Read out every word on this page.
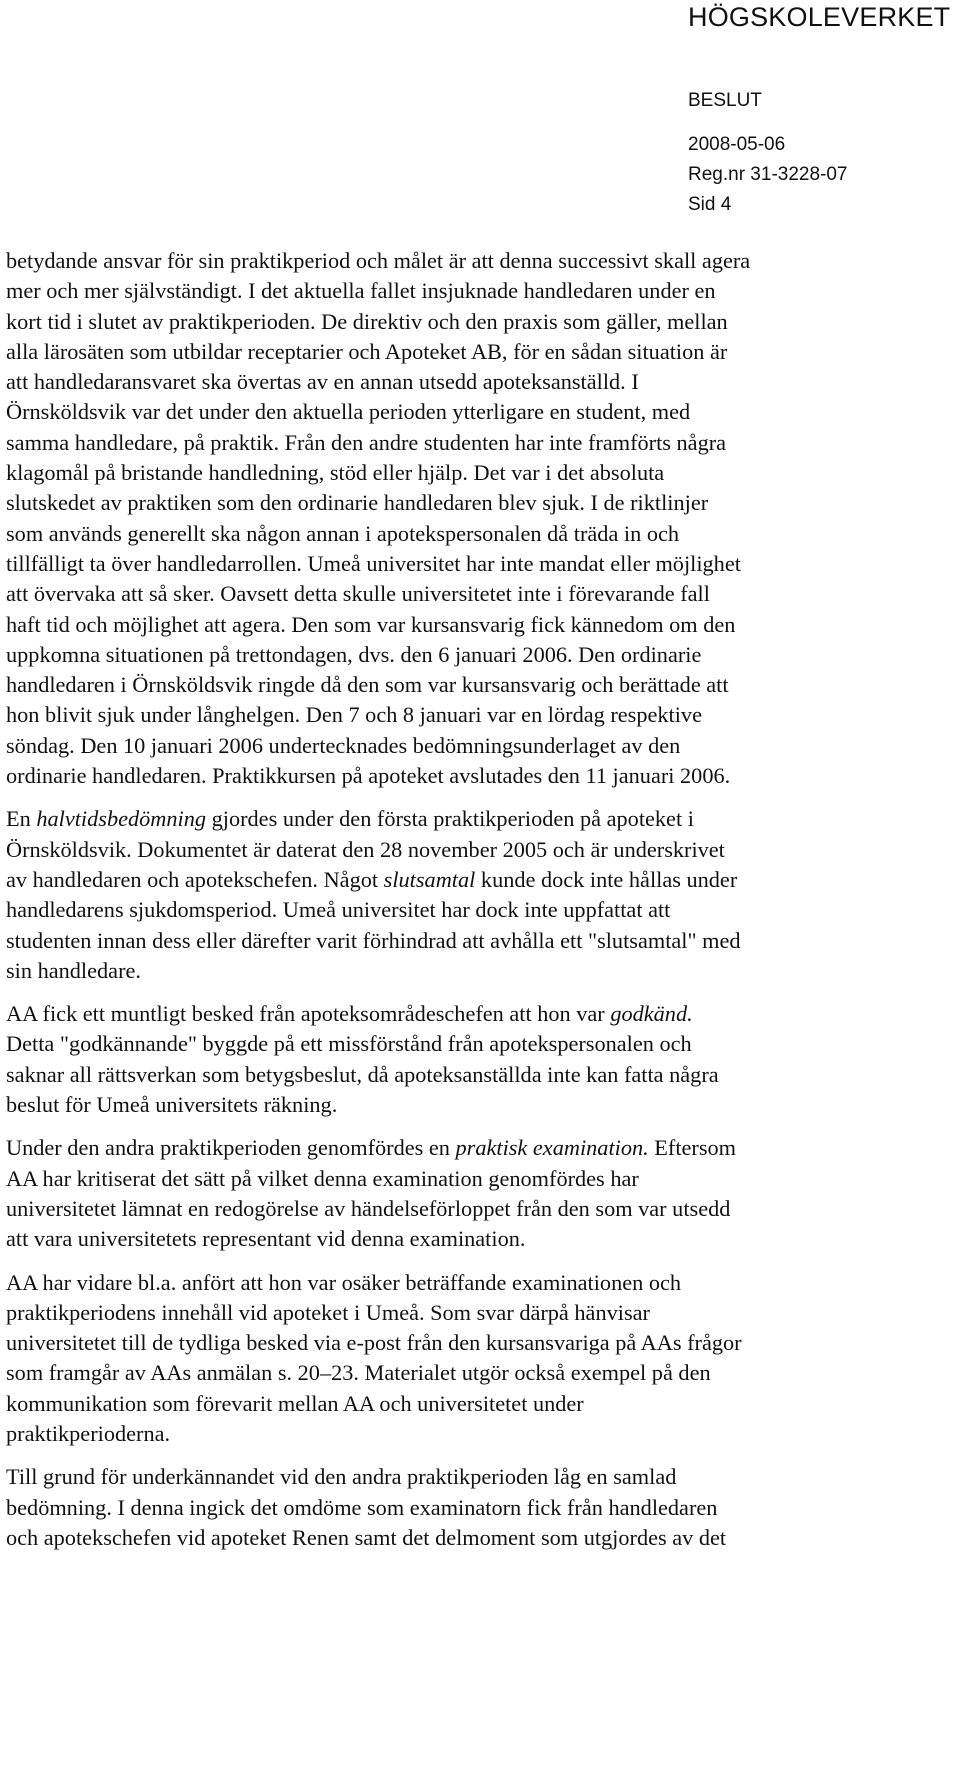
HÖGSKOLEVERKET
BESLUT
2008-05-06
Reg.nr 31-3228-07
Sid 4

betydande ansvar för sin praktikperiod och målet är att denna successivt skall agera
mer och mer självständigt. I det aktuella fallet insjuknade handledaren under en
kort tid i slutet av praktikperioden. De direktiv och den praxis som gäller, mellan
alla lärosäten som utbildar receptarier och Apoteket AB, för en sådan situation är
att handledaransvaret ska övertas av en annan utsedd apoteksanställd. I
Örnsköldsvik var det under den aktuella perioden ytterligare en student, med
samma handledare, på praktik. Från den andre studenten har inte framförts några
klagomål på bristande handledning, stöd eller hjälp. Det var i det absoluta
slutskedet av praktiken som den ordinarie handledaren blev sjuk. I de riktlinjer
som används generellt ska någon annan i apotekspersonalen då träda in och
tillfälligt ta över handledarrollen. Umeå universitet har inte mandat eller möjlighet
att övervaka att så sker. Oavsett detta skulle universitetet inte i förevarande fall
haft tid och möjlighet att agera. Den som var kursansvarig fick kännedom om den
uppkomna situationen på trettondagen, dvs. den 6 januari 2006. Den ordinarie
handledaren i Örnsköldsvik ringde då den som var kursansvarig och berättade att
hon blivit sjuk under långhelgen. Den 7 och 8 januari var en lördag respektive
söndag. Den 10 januari 2006 undertecknades bedömningsunderlaget av den
ordinarie handledaren. Praktikkursen på apoteket avslutades den 11 januari 2006.

En halvtidsbedömning gjordes under den första praktikperioden på apoteket i
Örnsköldsvik. Dokumentet är daterat den 28 november 2005 och är underskrivet
av handledaren och apotekschefen. Något slutsamtal kunde dock inte hållas under
handledarens sjukdomsperiod. Umeå universitet har dock inte uppfattat att
studenten innan dess eller därefter varit förhindrad att avhålla ett "slutsamtal" med
sin handledare.

AA fick ett muntligt besked från apoteksområdeschefen att hon var godkänd.
Detta "godkännande" byggde på ett missförstånd från apotekspersonalen och
saknar all rättsverkan som betygsbeslut, då apoteksanställda inte kan fatta några
beslut för Umeå universitets räkning.

Under den andra praktikperioden genomfördes en praktisk examination. Eftersom
AA har kritiserat det sätt på vilket denna examination genomfördes har
universitetet lämnat en redogörelse av händelseförloppet från den som var utsedd
att vara universitetets representant vid denna examination.

AA har vidare bl.a. anfört att hon var osäker beträffande examinationen och
praktikperiodens innehåll vid apoteket i Umeå. Som svar därpå hänvisar
universitetet till de tydliga besked via e-post från den kursansvariga på AAs frågor
som framgår av AAs anmälan s. 20–23. Materialet utgör också exempel på den
kommunikation som förevarit mellan AA och universitetet under
praktikperioderna.

Till grund för underkännandet vid den andra praktikperioden låg en samlad
bedömning. I denna ingick det omdöme som examinatorn fick från handledaren
och apotekschefen vid apoteket Renen samt det delmoment som utgjordes av det
